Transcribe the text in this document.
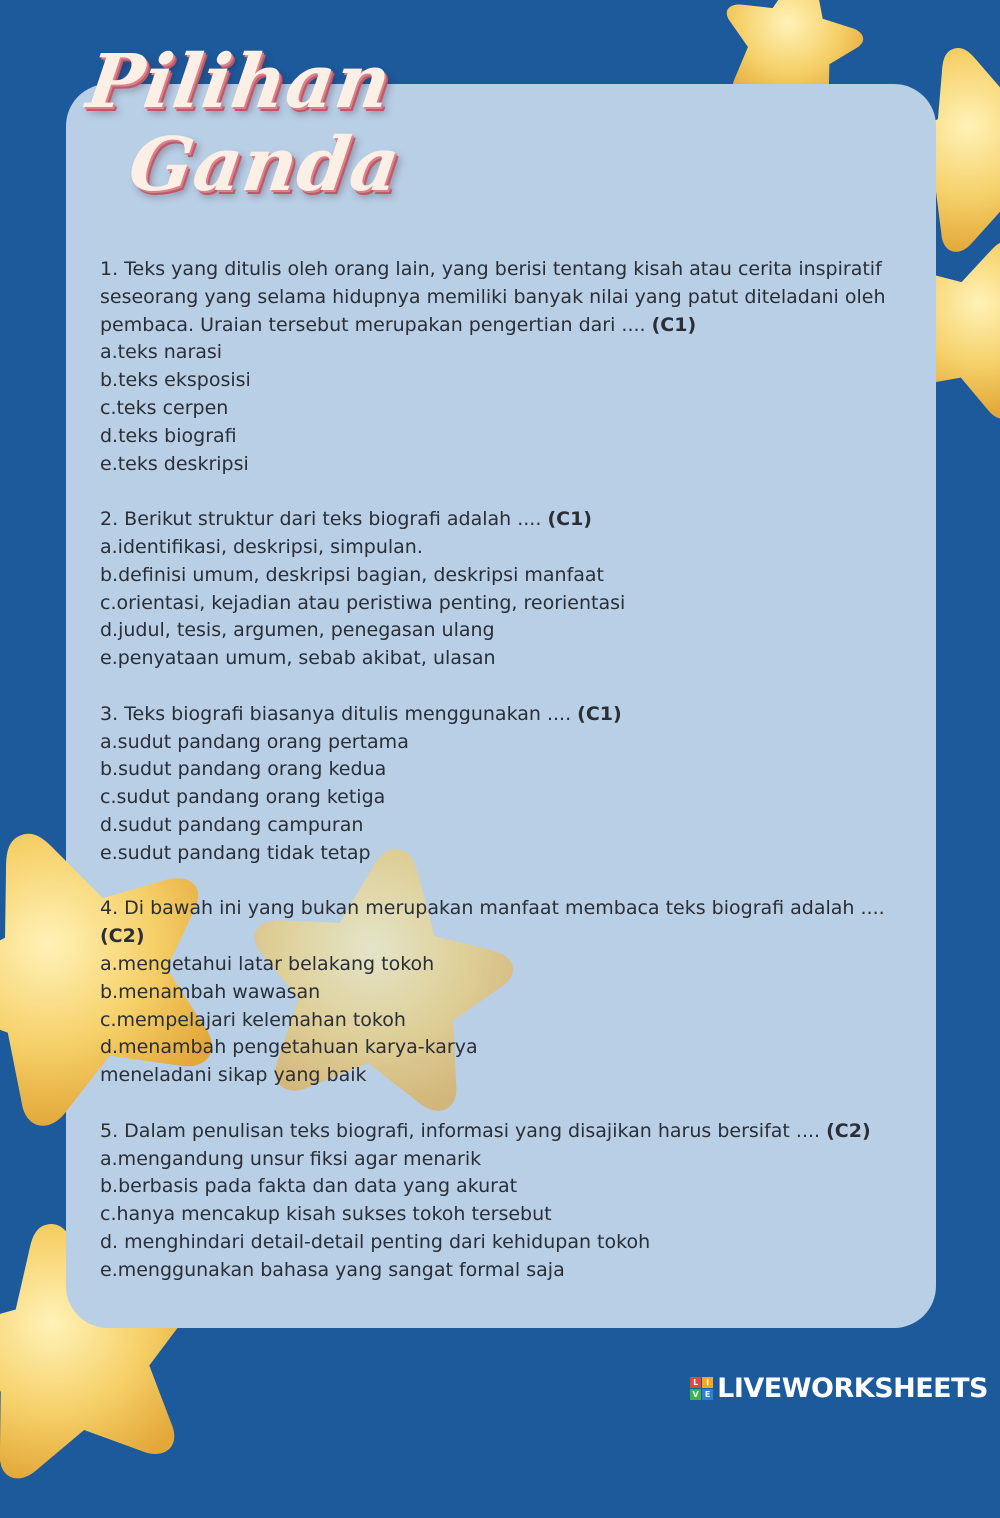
Pilihan
Ganda

1. Teks yang ditulis oleh orang lain, yang berisi tentang kisah atau cerita inspiratif seseorang yang selama hidupnya memiliki banyak nilai yang patut diteladani oleh pembaca. Uraian tersebut merupakan pengertian dari .... (C1)

a.teks narasi

b.teks eksposisi

c.teks cerpen

d.teks biografi

e.teks deskripsi

2. Berikut struktur dari teks biografi adalah .... (C1)

a.identifikasi, deskripsi, simpulan.

b.definisi umum, deskripsi bagian, deskripsi manfaat

c.orientasi, kejadian atau peristiwa penting, reorientasi

d.judul, tesis, argumen, penegasan ulang

e.penyataan umum, sebab akibat, ulasan

3. Teks biografi biasanya ditulis menggunakan .... (C1)

a.sudut pandang orang pertama

b.sudut pandang orang kedua

c.sudut pandang orang ketiga

d.sudut pandang campuran

e.sudut pandang tidak tetap

4. Di bawah ini yang bukan merupakan manfaat membaca teks biografi adalah .... (C2)

a.mengetahui latar belakang tokoh

b.menambah wawasan

c.mempelajari kelemahan tokoh

d.menambah pengetahuan karya-karya

meneladani sikap yang baik

5. Dalam penulisan teks biografi, informasi yang disajikan harus bersifat .... (C2)

a.mengandung unsur fiksi agar menarik

b.berbasis pada fakta dan data yang akurat

c.hanya mencakup kisah sukses tokoh tersebut

d. menghindari detail-detail penting dari kehidupan tokoh

e.menggunakan bahasa yang sangat formal saja

L I
V E LIVEWORKSHEETS
